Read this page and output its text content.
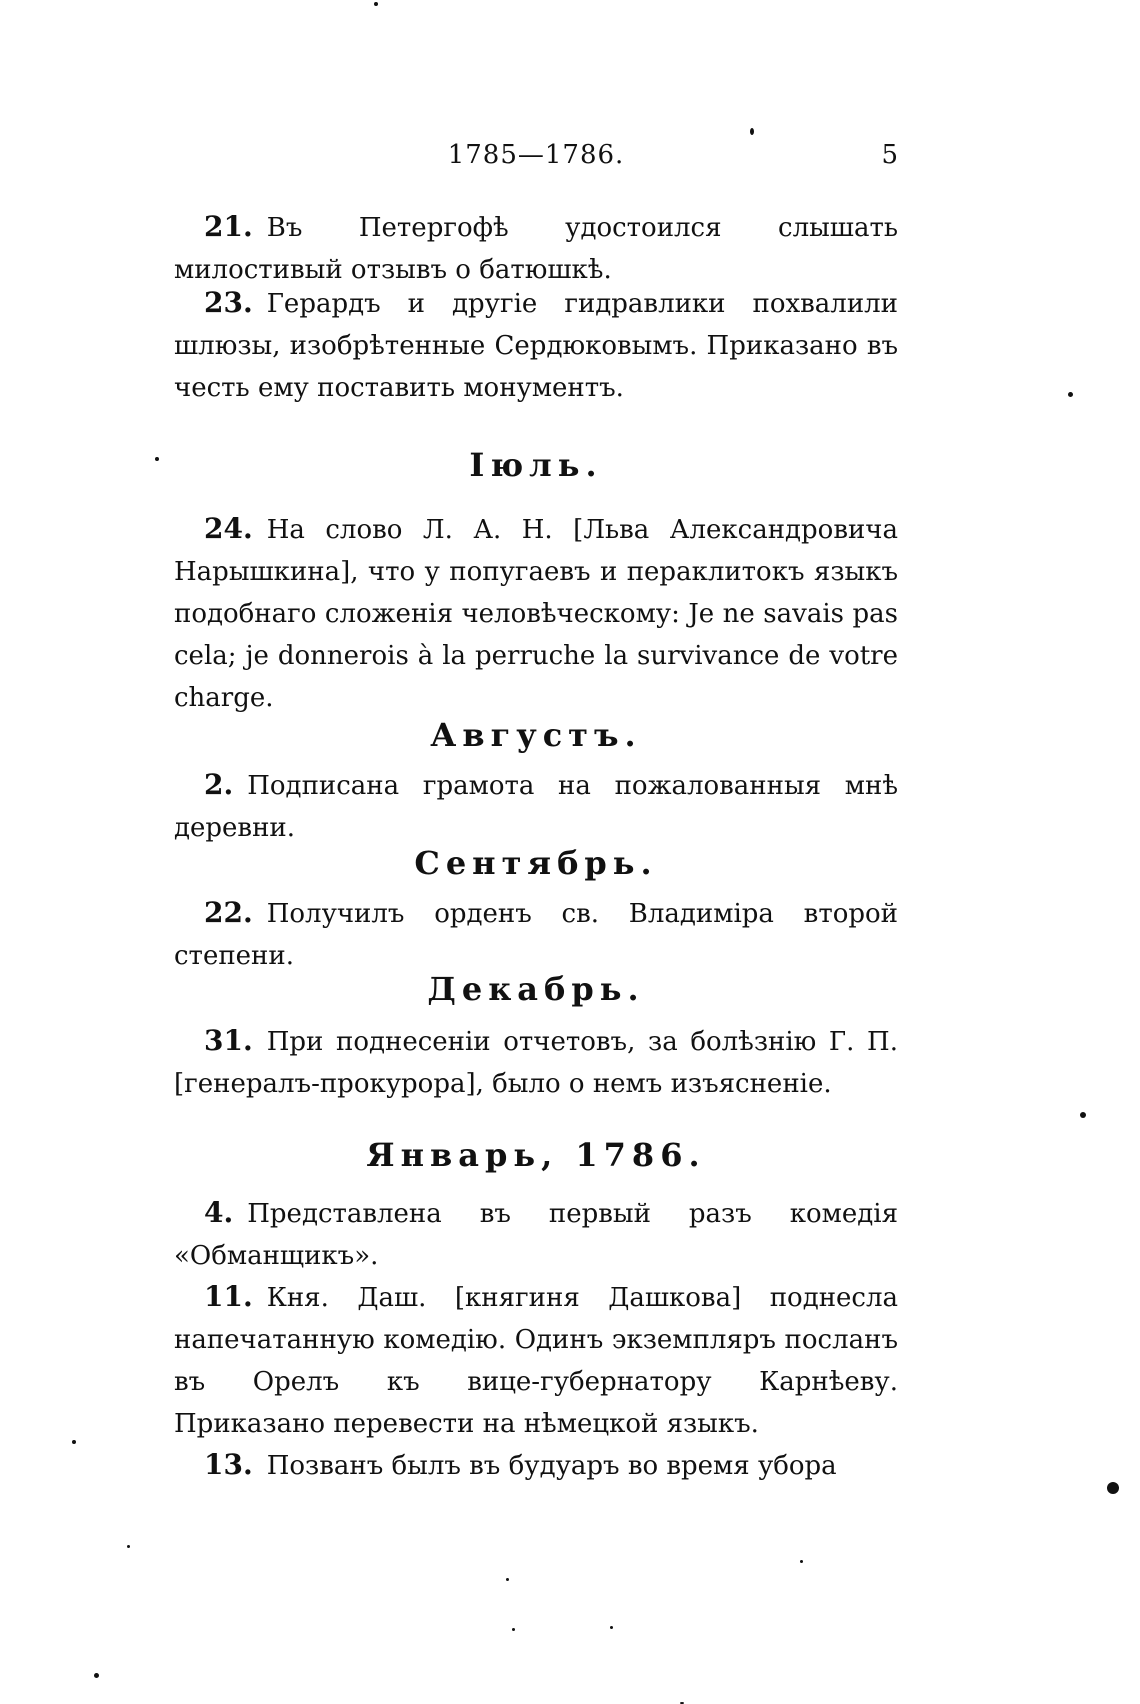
1785—1786.	5
21. Въ Петергофѣ удостоился слышать милостивый отзывъ о батюшкѣ.
23. Герардъ и другіе гидравлики похвалили шлюзы, изобрѣтенные Сердюковымъ. Приказано въ честь ему поставить монументъ.
Іюль.
24. На слово Л. А. Н. [Льва Александровича Нарышкина], что у попугаевъ и пераклитокъ языкъ подобнаго сложенія человѣческому: Je ne savais pas cela; je donnerois à la perruche la survivance de votre charge.
Августъ.
2. Подписана грамота на пожалованныя мнѣ деревни.
Сентябрь.
22. Получилъ орденъ св. Владиміра второй степени.
Декабрь.
31. При поднесеніи отчетовъ, за болѣзнію Г. П. [генералъ-прокурора], было о немъ изъясненіе.
Январь, 1786.
4. Представлена въ первый разъ комедія «Обманщикъ».
11. Кня. Даш. [княгиня Дашкова] поднесла напечатанную комедію. Одинъ экземпляръ посланъ въ Орелъ къ вице-губернатору Карнѣеву. Приказано перевести на нѣмецкой языкъ.
13. Позванъ былъ въ будуаръ во время убора
